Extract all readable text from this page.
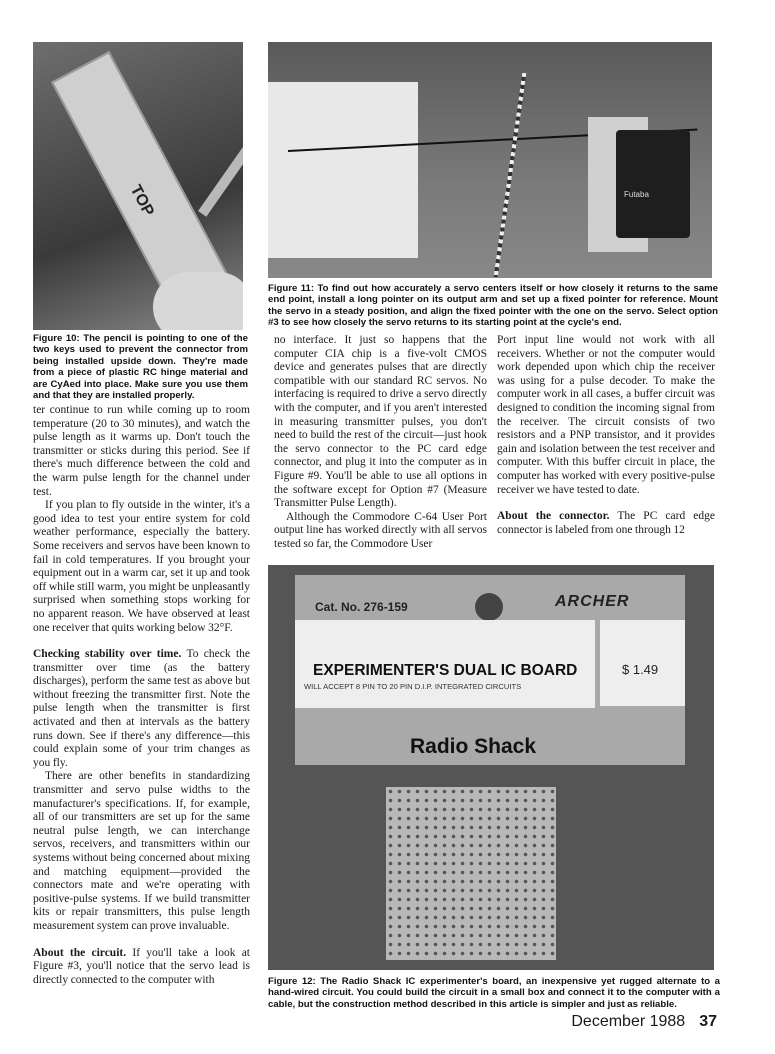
TOP
Figure 10: The pencil is pointing to one of the two keys used to prevent the connector from being installed upside down. They're made from a piece of plastic RC hinge material and are CyAed into place. Make sure you use them and that they are installed properly.
Futaba
Figure 11: To find out how accurately a servo centers itself or how closely it returns to the same end point, install a long pointer on its output arm and set up a fixed pointer for reference. Mount the servo in a steady position, and align the fixed pointer with the one on the servo. Select option #3 to see how closely the servo returns to its starting point at the cycle's end.

ter continue to run while coming up to room temperature (20 to 30 minutes), and watch the pulse length as it warms up. Don't touch the transmitter or sticks during this period. See if there's much difference between the cold and the warm pulse length for the channel under test.

If you plan to fly outside in the winter, it's a good idea to test your entire system for cold weather performance, especially the battery. Some receivers and servos have been known to fail in cold temperatures. If you brought your equipment out in a warm car, set it up and took off while still warm, you might be unpleasantly surprised when something stops working for no apparent reason. We have observed at least one receiver that quits working below 32°F.

Checking stability over time. To check the transmitter over time (as the battery discharges), perform the same test as above but without freezing the transmitter first. Note the pulse length when the transmitter is first activated and then at intervals as the battery runs down. See if there's any difference—this could explain some of your trim changes as you fly.

There are other benefits in standardizing transmitter and servo pulse widths to the manufacturer's specifications. If, for example, all of our transmitters are set up for the same neutral pulse length, we can interchange servos, receivers, and transmitters within our systems without being concerned about mixing and matching equipment—provided the connectors mate and we're operating with positive-pulse systems. If we build transmitter kits or repair transmitters, this pulse length measurement system can prove invaluable.

About the circuit. If you'll take a look at Figure #3, you'll notice that the servo lead is directly connected to the computer with

no interface. It just so happens that the computer CIA chip is a five-volt CMOS device and generates pulses that are directly compatible with our standard RC servos. No interfacing is required to drive a servo directly with the computer, and if you aren't interested in measuring transmitter pulses, you don't need to build the rest of the circuit—just hook the servo connector to the PC card edge connector, and plug it into the computer as in Figure #9. You'll be able to use all options in the software except for Option #7 (Measure Transmitter Pulse Length).

Although the Commodore C-64 User Port output line has worked directly with all servos tested so far, the Commodore User

Port input line would not work with all receivers. Whether or not the computer would work depended upon which chip the receiver was using for a pulse decoder. To make the computer work in all cases, a buffer circuit was designed to condition the incoming signal from the receiver. The circuit consists of two resistors and a PNP transistor, and it provides gain and isolation between the test receiver and computer. With this buffer circuit in place, the computer has worked with every positive-pulse receiver we have tested to date.

About the connector. The PC card edge connector is labeled from one through 12

Cat. No. 276-159	ARCHER
EXPERIMENTER'S DUAL IC BOARD
WILL ACCEPT 8 PIN TO 20 PIN D.I.P. INTEGRATED CIRCUITS
$ 1.49
Radio Shack
Figure 12: The Radio Shack IC experimenter's board, an inexpensive yet rugged alternate to a hand-wired circuit. You could build the circuit in a small box and connect it to the computer with a cable, but the construction method described in this article is simpler and just as reliable.
December 1988 37
